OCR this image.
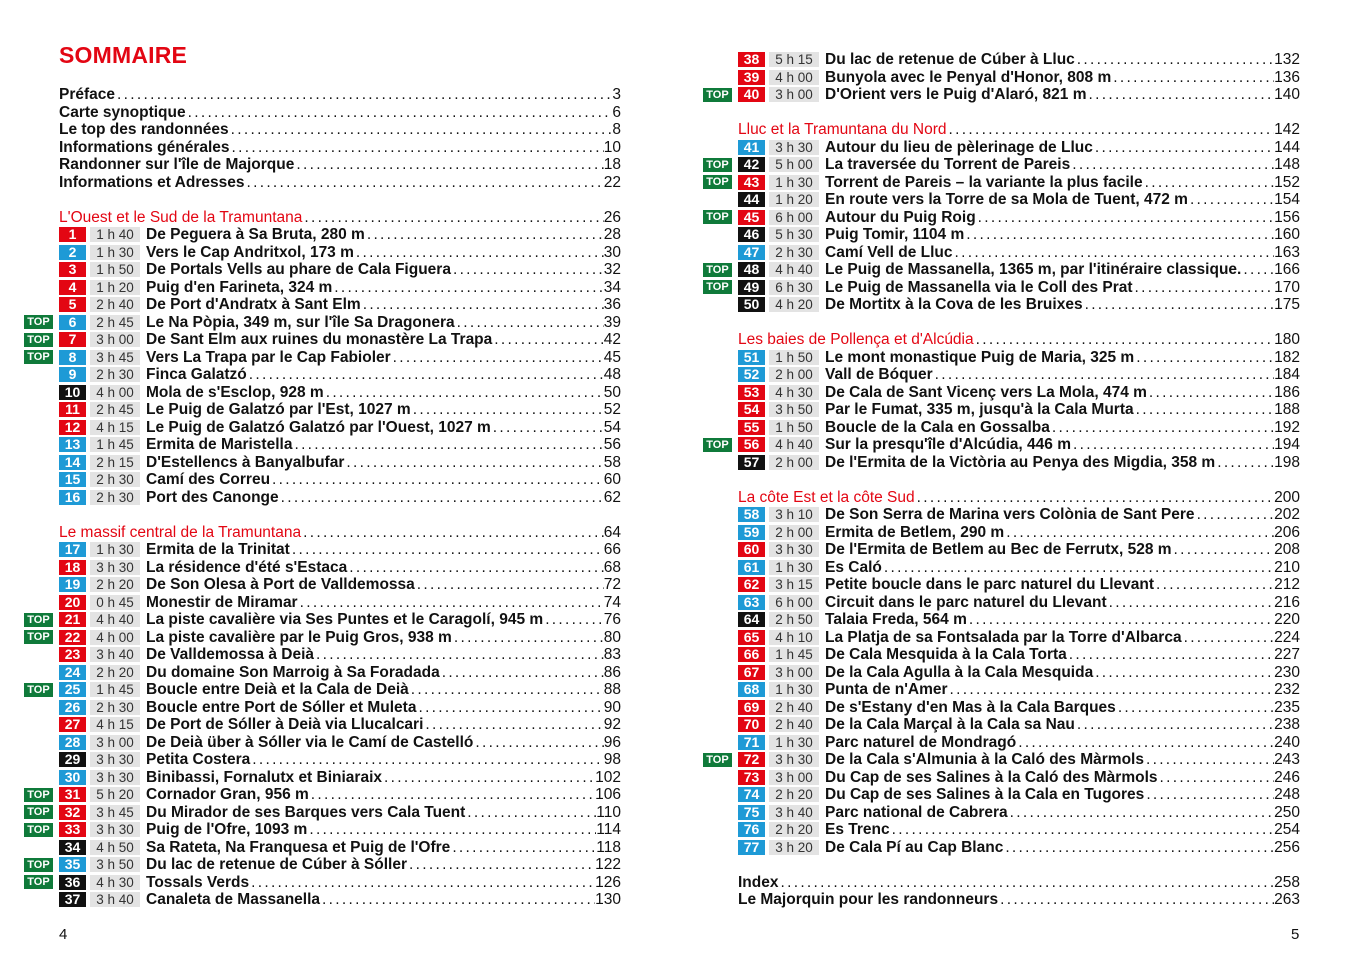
SOMMAIRE
Préface . . .	3
Carte synoptique . . .	6
Le top des randonnées . . .	8
Informations générales . . .	10
Randonner sur l'île de Majorque . . .	18
Informations et Adresses . . .	22
L'Ouest et le Sud de la Tramuntana . . .	26
1	1 h 40 De Peguera à Sa Bruta, 280 m . . .	28
2	1 h 30 Vers le Cap Andritxol, 173 m . . .	30
3	1 h 50 De Portals Vells au phare de Cala Figuera . . .	32
4	1 h 20 Puig d'en Farineta, 324 m . . .	34
5	2 h 40 De Port d'Andratx à Sant Elm . . .	36
TOP	6	2 h 45 Le Na Pòpia, 349 m, sur l'île Sa Dragonera . . .	39
TOP	7	3 h 00 De Sant Elm aux ruines du monastère La Trapa . . .	42
TOP	8	3 h 45 Vers La Trapa par le Cap Fabioler . . .	45
9	2 h 30 Finca Galatzó . . .	48
10	4 h 00 Mola de s'Esclop, 928 m . . .	50
11	2 h 45 Le Puig de Galatzó par l'Est, 1027 m . . .	52
12	4 h 15 Le Puig de Galatzó Galatzó par l'Ouest, 1027 m . . .	54
13	1 h 45 Ermita de Maristella . . .	56
14	2 h 15 D'Estellencs à Banyalbufar . . .	58
15	2 h 30 Camí des Correu . . .	60
16	2 h 30 Port des Canonge . . .	62
Le massif central de la Tramuntana . . .	64
17	1 h 30 Ermita de la Trinitat . . .	66
18	3 h 30 La résidence d'été s'Estaca . . .	68
19	2 h 20 De Son Olesa à Port de Valldemossa . . .	72
20	0 h 45 Monestir de Miramar . . .	74
TOP	21	4 h 40 La piste cavalière via Ses Puntes et le Caragolí, 945 m . . .	76
TOP	22	4 h 00 La piste cavalière par le Puig Gros, 938 m . . .	80
23	3 h 40 De Valldemossa à Deià . . .	83
24	2 h 20 Du domaine Son Marroig à Sa Foradada . . .	86
TOP	25	1 h 45 Boucle entre Deià et la Cala de Deià . . .	88
26	2 h 30 Boucle entre Port de Sóller et Muleta . . .	90
27	4 h 15 De Port de Sóller à Deià via Llucalcari . . .	92
28	3 h 00 De Deià über à Sóller via le Camí de Castelló . . .	96
29	3 h 30 Petita Costera . . .	98
30	3 h 30 Binibassi, Fornalutx et Biniaraix . . .	102
TOP	31	5 h 20 Cornador Gran, 956 m . . .	106
TOP	32	3 h 45 Du Mirador de ses Barques vers Cala Tuent . . .	110
TOP	33	3 h 30 Puig de l'Ofre, 1093 m . . .	114
34	4 h 50 Sa Rateta, Na Franquesa et Puig de l'Ofre . . .	118
TOP	35	3 h 50 Du lac de retenue de Cúber à Sóller . . .	122
TOP	36	4 h 30 Tossals Verds . . .	126
37	3 h 40 Canaleta de Massanella . . .	130
4
38	5 h 15 Du lac de retenue de Cúber à Lluc . . .	132
39	4 h 00 Bunyola avec le Penyal d'Honor, 808 m . . .	136
TOP	40	3 h 00 D'Orient vers le Puig d'Alaró, 821 m . . .	140
Lluc et la Tramuntana du Nord . . .	142
41	3 h 30 Autour du lieu de pèlerinage de Lluc . . .	144
TOP	42	5 h 00 La traversée du Torrent de Pareis . . .	148
TOP	43	1 h 30 Torrent de Pareis – la variante la plus facile . . .	152
44	1 h 20 En route vers la Torre de sa Mola de Tuent, 472 m . . .	154
TOP	45	6 h 00 Autour du Puig Roig . . .	156
46	5 h 30 Puig Tomir, 1104 m . . .	160
47	2 h 30 Camí Vell de Lluc . . .	163
TOP	48	4 h 40 Le Puig de Massanella, 1365 m, par l'itinéraire classique. . . . 166
TOP	49	6 h 30 Le Puig de Massanella via le Coll des Prat . . .	170
50	4 h 20 De Mortitx à la Cova de les Bruixes . . .	175
Les baies de Pollença et d'Alcúdia . . .	180
51	1 h 50 Le mont monastique Puig de Maria, 325 m . . .	182
52	2 h 00 Vall de Bóquer . . .	184
53	4 h 30 De Cala de Sant Vicenç vers La Mola, 474 m . . .	186
54	3 h 50 Par le Fumat, 335 m, jusqu'à la Cala Murta . . .	188
55	1 h 50 Boucle de la Cala en Gossalba . . .	192
TOP	56	4 h 40 Sur la presqu'île d'Alcúdia, 446 m . . .	194
57	2 h 00 De l'Ermita de la Victòria au Penya des Migdia, 358 m . . .	198
La côte Est et la côte Sud . . .	200
58	3 h 10 De Son Serra de Marina vers Colònia de Sant Pere . . .	202
59	2 h 00 Ermita de Betlem, 290 m . . .	206
60	3 h 30 De l'Ermita de Betlem au Bec de Ferrutx, 528 m . . .	208
61	1 h 30 Es Caló . . .	210
62	3 h 15 Petite boucle dans le parc naturel du Llevant . . .	212
63	6 h 00 Circuit dans le parc naturel du Llevant . . .	216
64	2 h 50 Talaia Freda, 564 m . . .	220
65	4 h 10 La Platja de sa Fontsalada par la Torre d'Albarca . . .	224
66	1 h 45 De Cala Mesquida à la Cala Torta . . .	227
67	3 h 00 De la Cala Agulla à la Cala Mesquida . . .	230
68	1 h 30 Punta de n'Amer . . .	232
69	2 h 40 De s'Estany d'en Mas à la Cala Barques . . .	235
70	2 h 40 De la Cala Marçal à la Cala sa Nau . . .	238
71	1 h 30 Parc naturel de Mondragó . . .	240
TOP	72	3 h 30 De la Cala s'Almunia à la Caló des Màrmols . . .	243
73	3 h 00 Du Cap de ses Salines à la Caló des Màrmols . . .	246
74	2 h 20 Du Cap de ses Salines à la Cala en Tugores . . .	248
75	3 h 40 Parc national de Cabrera . . .	250
76	2 h 20 Es Trenc . . .	254
77	3 h 20 De Cala Pí au Cap Blanc . . .	256
Index . . .	258
Le Majorquin pour les randonneurs . . .	263
5
